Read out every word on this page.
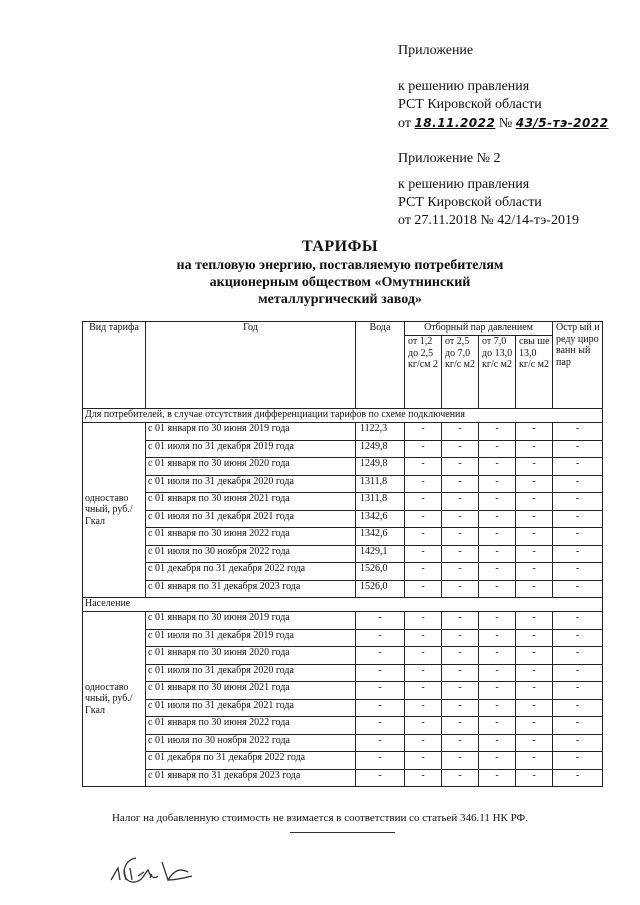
Приложение
к решению правления
РСТ Кировской области
от 18.11.2022 № 43/5-тэ-2022
Приложение № 2
к решению правления
РСТ Кировской области
от 27.11.2018 № 42/14-тэ-2019
ТАРИФЫ
на тепловую энергию, поставляемую потребителям
акционерным обществом «Омутнинский
металлургический завод»
Вид тарифа	Год	Вода	Отборный пар давлением				Остр ый и реду циро ванн ый пар
			от 1,2 до 2,5 кг/см 2	от 2,5 до 7,0 кг/с м2	от 7,0 до 13,0 кг/с м2	свы ше 13,0 кг/с м2	
Для потребителей, в случае отсутствия дифференциации тарифов по схеме подключения							
одноставо чный, руб./Гкал	с 01 января по 30 июня 2019 года	1122,3	-	-	-	-	-
	с 01 июля по 31 декабря 2019 года	1249,8	-	-	-	-	-
	с 01 января по 30 июня 2020 года	1249,8	-	-	-	-	-
	с 01 июля по 31 декабря 2020 года	1311,8	-	-	-	-	-
	с 01 января по 30 июня 2021 года	1311,8	-	-	-	-	-
	с 01 июля по 31 декабря 2021 года	1342,6	-	-	-	-	-
	с 01 января по 30 июня 2022 года	1342,6	-	-	-	-	-
	с 01 июля по 30 ноября 2022 года	1429,1	-	-	-	-	-
	с 01 декабря по 31 декабря 2022 года	1526,0	-	-	-	-	-
	с 01 января по 31 декабря 2023 года	1526,0	-	-	-	-	-
Население							
одноставо чный, руб./Гкал	с 01 января по 30 июня 2019 года	-	-	-	-	-	-
	с 01 июля по 31 декабря 2019 года	-	-	-	-	-	-
	с 01 января по 30 июня 2020 года	-	-	-	-	-	-
	с 01 июля по 31 декабря 2020 года	-	-	-	-	-	-
	с 01 января по 30 июня 2021 года	-	-	-	-	-	-
	с 01 июля по 31 декабря 2021 года	-	-	-	-	-	-
	с 01 января по 30 июня 2022 года	-	-	-	-	-	-
	с 01 июля по 30 ноября 2022 года	-	-	-	-	-	-
	с 01 декабря по 31 декабря 2022 года	-	-	-	-	-	-
	с 01 января по 31 декабря 2023 года	-	-	-	-	-	-
Налог на добавленную стоимость не взимается в соответствии со статьей 346.11 НК РФ.
